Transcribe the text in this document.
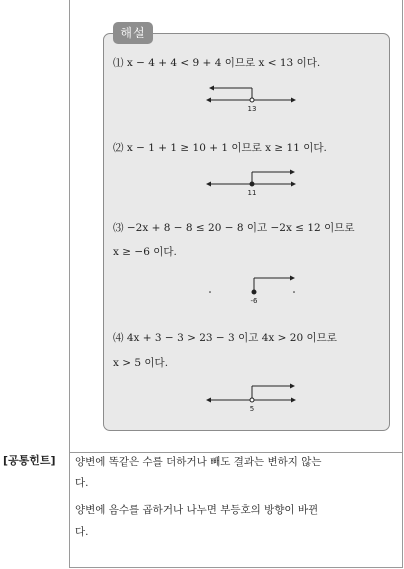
해설
⑴ x − 4 + 4 < 9 + 4 이므로 x < 13 이다.
13
⑵ x − 1 + 1 ≥ 10 + 1 이므로 x ≥ 11 이다.
11
⑶ −2x + 8 − 8 ≤ 20 − 8 이고 −2x ≤ 12 이므로
x ≥ −6 이다.
-6
⑷ 4x + 3 − 3 > 23 − 3 이고 4x > 20 이므로
x > 5 이다.
5
[공통힌트] 양변에 똑같은 수를 더하거나 빼도 결과는 변하지 않는
다.
양변에 음수를 곱하거나 나누면 부등호의 방향이 바뀐
다.
